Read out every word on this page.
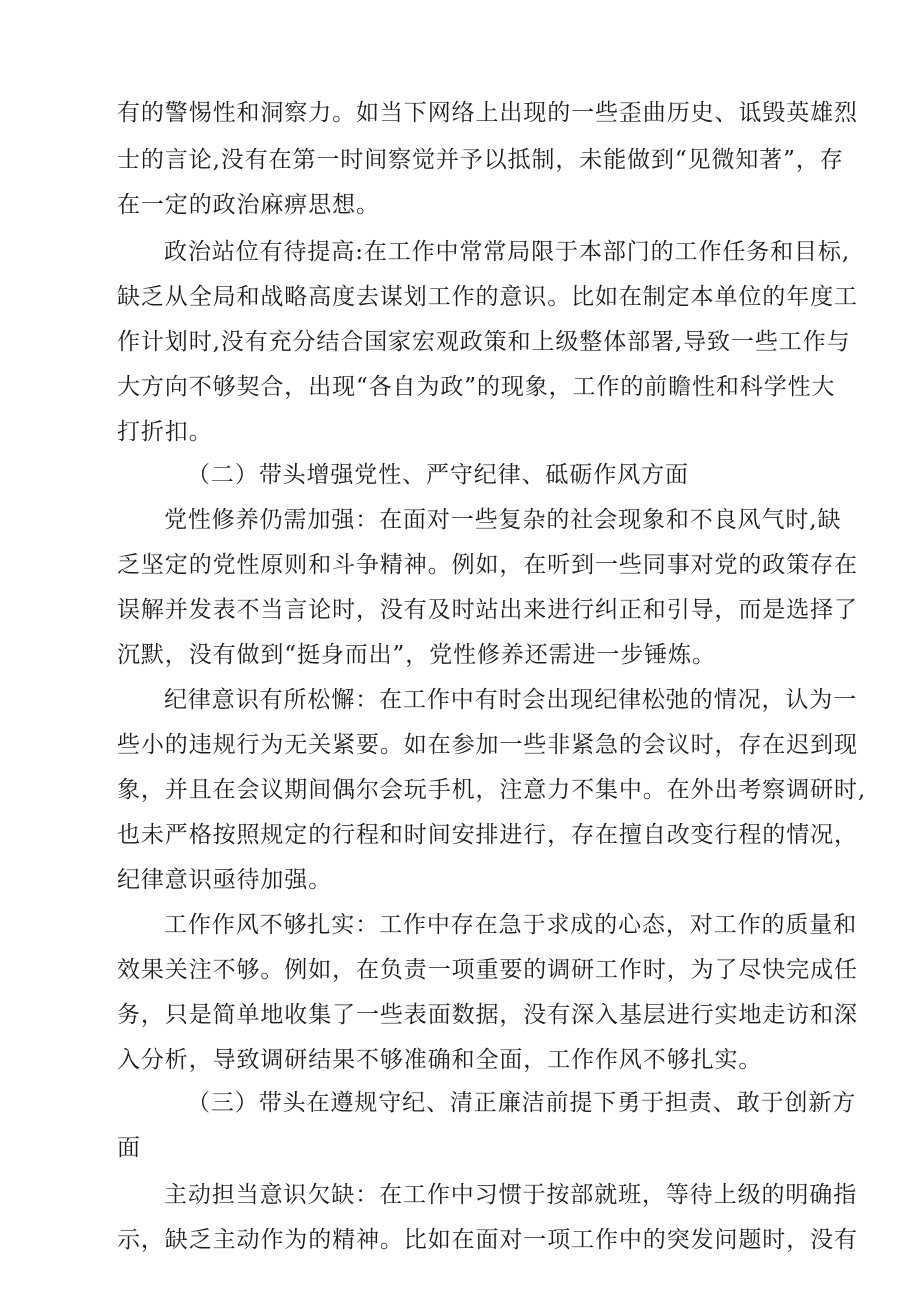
有的警惕性和洞察力。如当下网络上出现的一些歪曲历史、诋毁英雄烈

士的言论,没有在第一时间察觉并予以抵制，未能做到“见微知著”，存

在一定的政治麻痹思想。

政治站位有待提高:在工作中常常局限于本部门的工作任务和目标,

缺乏从全局和战略高度去谋划工作的意识。比如在制定本单位的年度工

作计划时,没有充分结合国家宏观政策和上级整体部署,导致一些工作与

大方向不够契合，出现“各自为政”的现象，工作的前瞻性和科学性大

打折扣。

（二）带头增强党性、严守纪律、砥砺作风方面

党性修养仍需加强：在面对一些复杂的社会现象和不良风气时,缺

乏坚定的党性原则和斗争精神。例如，在听到一些同事对党的政策存在

误解并发表不当言论时，没有及时站出来进行纠正和引导，而是选择了

沉默，没有做到“挺身而出”，党性修养还需进一步锤炼。

纪律意识有所松懈：在工作中有时会出现纪律松弛的情况，认为一

些小的违规行为无关紧要。如在参加一些非紧急的会议时，存在迟到现

象，并且在会议期间偶尔会玩手机，注意力不集中。在外出考察调研时,

也未严格按照规定的行程和时间安排进行，存在擅自改变行程的情况，

纪律意识亟待加强。

工作作风不够扎实：工作中存在急于求成的心态，对工作的质量和

效果关注不够。例如，在负责一项重要的调研工作时，为了尽快完成任

务，只是简单地收集了一些表面数据，没有深入基层进行实地走访和深

入分析，导致调研结果不够准确和全面，工作作风不够扎实。

（三）带头在遵规守纪、清正廉洁前提下勇于担责、敢于创新方

面

主动担当意识欠缺：在工作中习惯于按部就班，等待上级的明确指

示，缺乏主动作为的精神。比如在面对一项工作中的突发问题时，没有
